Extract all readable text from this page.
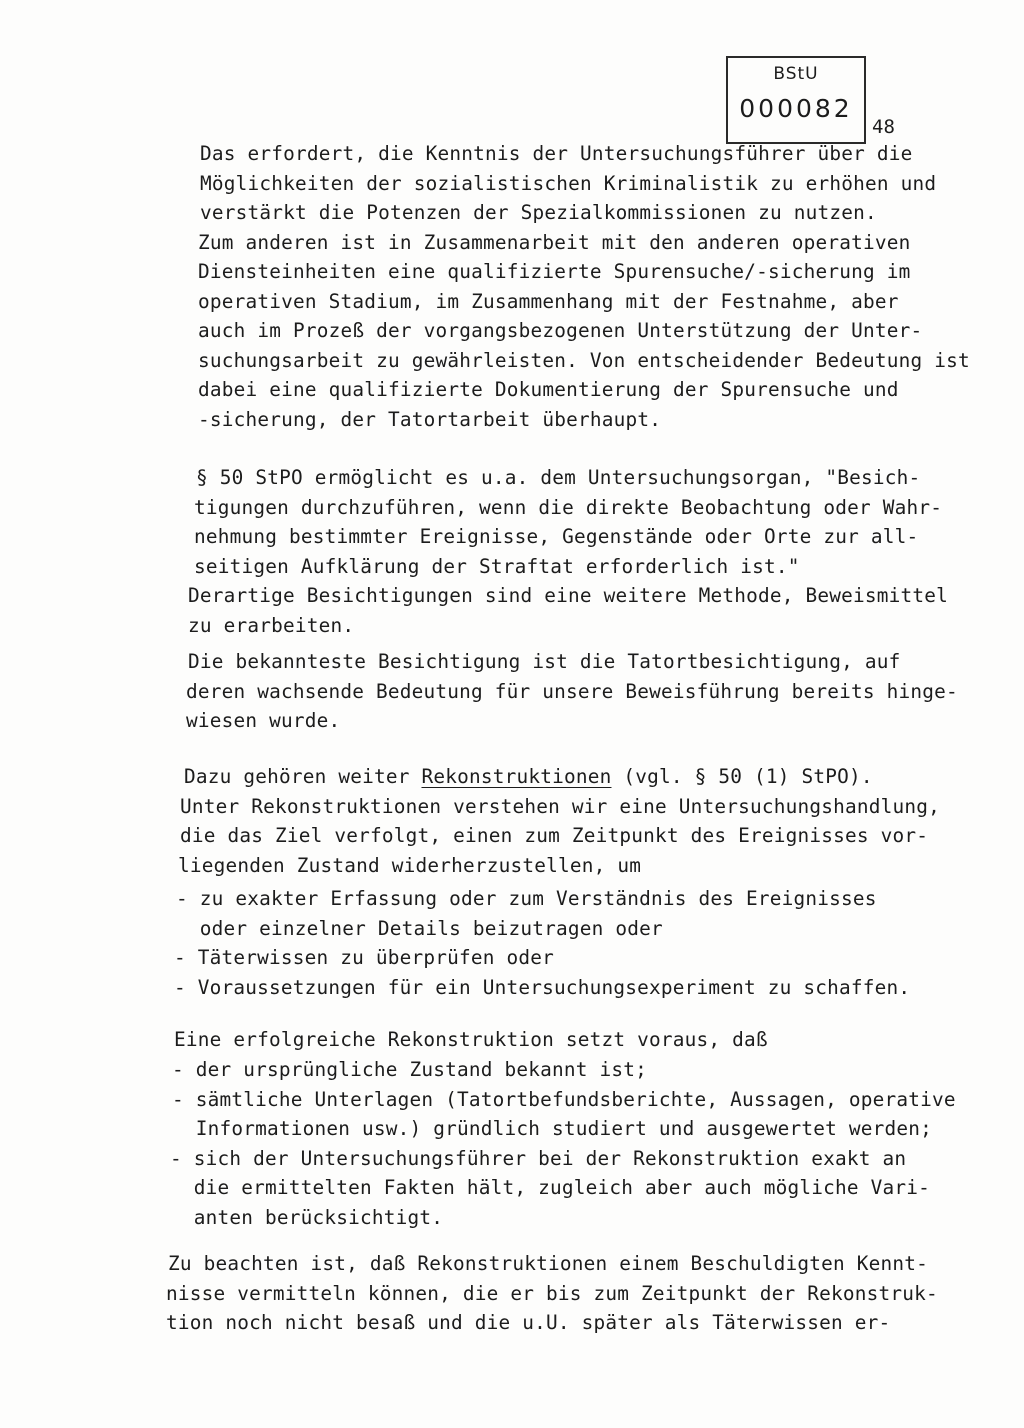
BStU
000082
48
Das erfordert, die Kenntnis der Untersuchungsführer über die
Möglichkeiten der sozialistischen Kriminalistik zu erhöhen und
verstärkt die Potenzen der Spezialkommissionen zu nutzen.
Zum anderen ist in Zusammenarbeit mit den anderen operativen
Diensteinheiten eine qualifizierte Spurensuche/-sicherung im
operativen Stadium, im Zusammenhang mit der Festnahme, aber
auch im Prozeß der vorgangsbezogenen Unterstützung der Unter-
suchungsarbeit zu gewährleisten. Von entscheidender Bedeutung ist
dabei eine qualifizierte Dokumentierung der Spurensuche und
-sicherung, der Tatortarbeit überhaupt.
§ 50 StPO ermöglicht es u.a. dem Untersuchungsorgan, "Besich-
tigungen durchzuführen, wenn die direkte Beobachtung oder Wahr-
nehmung bestimmter Ereignisse, Gegenstände oder Orte zur all-
seitigen Aufklärung der Straftat erforderlich ist."
Derartige Besichtigungen sind eine weitere Methode, Beweismittel
zu erarbeiten.
Die bekannteste Besichtigung ist die Tatortbesichtigung, auf
deren wachsende Bedeutung für unsere Beweisführung bereits hinge-
wiesen wurde.
Dazu gehören weiter Rekonstruktionen (vgl. § 50 (1) StPO).
Unter Rekonstruktionen verstehen wir eine Untersuchungshandlung,
die das Ziel verfolgt, einen zum Zeitpunkt des Ereignisses vor-
liegenden Zustand widerherzustellen, um
- zu exakter Erfassung oder zum Verständnis des Ereignisses
oder einzelner Details beizutragen oder
- Täterwissen zu überprüfen oder
- Voraussetzungen für ein Untersuchungsexperiment zu schaffen.
Eine erfolgreiche Rekonstruktion setzt voraus, daß
- der ursprüngliche Zustand bekannt ist;
- sämtliche Unterlagen (Tatortbefundsberichte, Aussagen, operative
Informationen usw.) gründlich studiert und ausgewertet werden;
- sich der Untersuchungsführer bei der Rekonstruktion exakt an
die ermittelten Fakten hält, zugleich aber auch mögliche Vari-
anten berücksichtigt.
Zu beachten ist, daß Rekonstruktionen einem Beschuldigten Kennt-
nisse vermitteln können, die er bis zum Zeitpunkt der Rekonstruk-
tion noch nicht besaß und die u.U. später als Täterwissen er-
